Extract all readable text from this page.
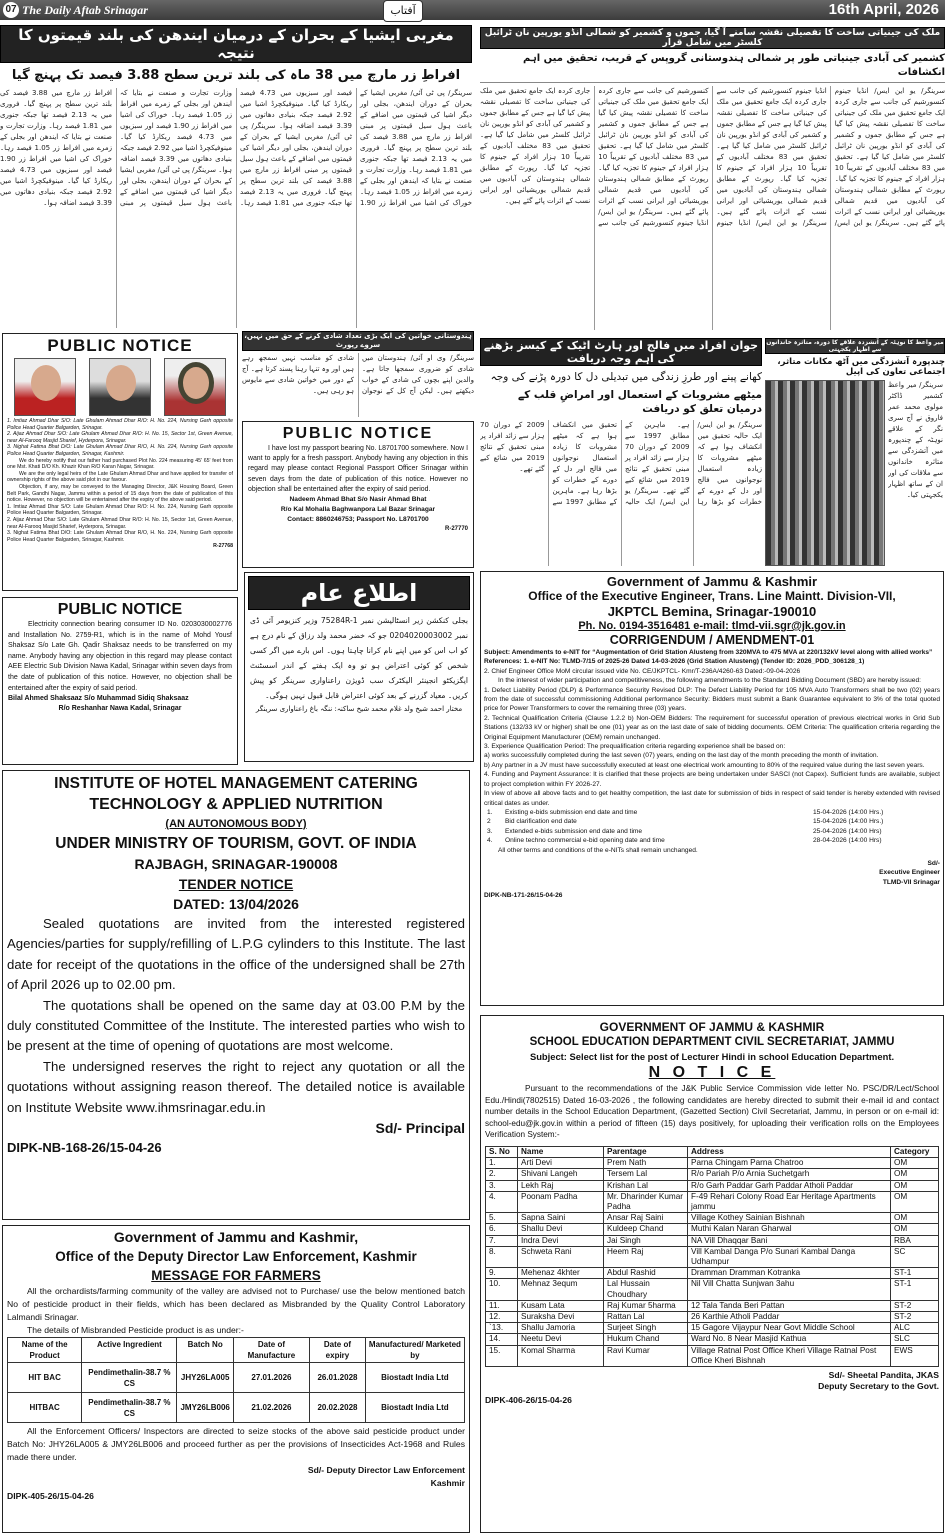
07 The Daily Aftab Srinagar	آفتاب	16th April, 2026
مغربی ایشیا کے بحران کے درمیان ایندھن کی بلند قیمتوں کا نتیجہ
افراطِ زر مارچ میں 38 ماہ کی بلند ترین سطح 3.88 فیصد تک پہنچ گیا
سرینگر/ پی ٹی آئی/ مغربی ایشیا کے بحران کے دوران ایندھن، بجلی اور دیگر اشیا کی قیمتوں میں اضافے کے باعث ہول سیل قیمتوں پر مبنی افراط زر مارچ میں 3.88 فیصد کی بلند ترین سطح پر پہنچ گیا۔ فروری میں یہ 2.13 فیصد تھا جبکہ جنوری میں 1.81 فیصد رہا۔ وزارت تجارت و صنعت نے بتایا کہ ایندھن اور بجلی کے زمرے میں افراط زر 1.05 فیصد رہا۔ خوراک کی اشیا میں افراط زر 1.90 فیصد اور سبزیوں میں 4.73 فیصد ریکارڈ کیا گیا۔ مینوفیکچرڈ اشیا میں 2.92 فیصد جبکہ بنیادی دھاتوں میں 3.39 فیصد اضافہ ہوا۔ سرینگر/ پی ٹی آئی/ مغربی ایشیا کے بحران کے دوران ایندھن، بجلی اور دیگر اشیا کی قیمتوں میں اضافے کے باعث ہول سیل قیمتوں پر مبنی افراط زر مارچ میں 3.88 فیصد کی بلند ترین سطح پر پہنچ گیا۔ فروری میں یہ 2.13 فیصد تھا جبکہ جنوری میں 1.81 فیصد رہا۔ وزارت تجارت و صنعت نے بتایا کہ ایندھن اور بجلی کے زمرے میں افراط زر 1.05 فیصد رہا۔ خوراک کی اشیا میں افراط زر 1.90 فیصد اور سبزیوں میں 4.73 فیصد ریکارڈ کیا گیا۔ مینوفیکچرڈ اشیا میں 2.92 فیصد جبکہ بنیادی دھاتوں میں 3.39 فیصد اضافہ ہوا۔ سرینگر/ پی ٹی آئی/ مغربی ایشیا کے بحران کے دوران ایندھن، بجلی اور دیگر اشیا کی قیمتوں میں اضافے کے باعث ہول سیل قیمتوں پر مبنی افراط زر مارچ میں 3.88 فیصد کی بلند ترین سطح پر پہنچ گیا۔ فروری میں یہ 2.13 فیصد تھا جبکہ جنوری میں 1.81 فیصد رہا۔ وزارت تجارت و صنعت نے بتایا کہ ایندھن اور بجلی کے زمرے میں افراط زر 1.05 فیصد رہا۔ خوراک کی اشیا میں افراط زر 1.90 فیصد اور سبزیوں میں 4.73 فیصد ریکارڈ کیا گیا۔ مینوفیکچرڈ اشیا میں 2.92 فیصد جبکہ بنیادی دھاتوں میں 3.39 فیصد اضافہ ہوا۔
ملک کی جینیاتی ساخت کا تفصیلی نقشہ سامنے آ گیا، جموں و کشمیر کو شمالی انڈو یورپین نان ٹرائبل کلسٹر میں شامل قرار
کشمیر کی آبادی جینیاتی طور پر شمالی ہندوستانی گروپس کے قریب، تحقیق میں اہم انکشافات
سرینگر/ یو این ایس/ انڈیا جینوم کنسورشیم کی جانب سے جاری کردہ ایک جامع تحقیق میں ملک کی جینیاتی ساخت کا تفصیلی نقشہ پیش کیا گیا ہے جس کے مطابق جموں و کشمیر کی آبادی کو انڈو یورپین نان ٹرائبل کلسٹر میں شامل کیا گیا ہے۔ تحقیق میں 83 مختلف آبادیوں کے تقریباً 10 ہزار افراد کے جینوم کا تجزیہ کیا گیا۔ رپورٹ کے مطابق شمالی ہندوستان کی آبادیوں میں قدیم شمالی یوریشیائی اور ایرانی نسب کے اثرات پائے گئے ہیں۔ سرینگر/ یو این ایس/ انڈیا جینوم کنسورشیم کی جانب سے جاری کردہ ایک جامع تحقیق میں ملک کی جینیاتی ساخت کا تفصیلی نقشہ پیش کیا گیا ہے جس کے مطابق جموں و کشمیر کی آبادی کو انڈو یورپین نان ٹرائبل کلسٹر میں شامل کیا گیا ہے۔ تحقیق میں 83 مختلف آبادیوں کے تقریباً 10 ہزار افراد کے جینوم کا تجزیہ کیا گیا۔ رپورٹ کے مطابق شمالی ہندوستان کی آبادیوں میں قدیم شمالی یوریشیائی اور ایرانی نسب کے اثرات پائے گئے ہیں۔ سرینگر/ یو این ایس/ انڈیا جینوم کنسورشیم کی جانب سے جاری کردہ ایک جامع تحقیق میں ملک کی جینیاتی ساخت کا تفصیلی نقشہ پیش کیا گیا ہے جس کے مطابق جموں و کشمیر کی آبادی کو انڈو یورپین نان ٹرائبل کلسٹر میں شامل کیا گیا ہے۔ تحقیق میں 83 مختلف آبادیوں کے تقریباً 10 ہزار افراد کے جینوم کا تجزیہ کیا گیا۔ رپورٹ کے مطابق شمالی ہندوستان کی آبادیوں میں قدیم شمالی یوریشیائی اور ایرانی نسب کے اثرات پائے گئے ہیں۔ سرینگر/ یو این ایس/ انڈیا جینوم کنسورشیم کی جانب سے جاری کردہ ایک جامع تحقیق میں ملک کی جینیاتی ساخت کا تفصیلی نقشہ پیش کیا گیا ہے جس کے مطابق جموں و کشمیر کی آبادی کو انڈو یورپین نان ٹرائبل کلسٹر میں شامل کیا گیا ہے۔ تحقیق میں 83 مختلف آبادیوں کے تقریباً 10 ہزار افراد کے جینوم کا تجزیہ کیا گیا۔ رپورٹ کے مطابق شمالی ہندوستان کی آبادیوں میں قدیم شمالی یوریشیائی اور ایرانی نسب کے اثرات پائے گئے ہیں۔
PUBLIC NOTICE
1. Imtiaz Ahmad Dhar S/O: Late Ghulam Ahmad Dhar R/O: H. No. 224, Nursing Garh opposite Police Head Quarter Balgarden, Srinagar.
2. Aijaz Ahmad Dhar S/O: Late Ghulam Ahmad Dhar R/O: H. No. 15, Sector 1st, Green Avenue, near Al-Farooq Masjid Sharief, Hyderpora, Srinagar.
3. Nighat Fatima Bhat D/O: Late Ghulam Ahmad Dhar R/O, H. No. 224, Nursing Garh opposite Police Head Quarter Balgarden, Srinagar, Kashmir.
We do hereby notify that our father had purchased Plot No. 224 measuring 45' 65' feet from one Mst. Khati D/O Kh. Khazir Khan R/O Karan Nagar, Srinagar.
We are the only legal heirs of the Late Ghulam Ahmad Dhar and have applied for transfer of ownership rights of the above said plot in our favour.
Objection, if any, may be conveyed to the Managing Director, J&K Housing Board, Green Belt Park, Gandhi Nagar, Jammu within a period of 15 days from the date of publication of this notice. However, no objection will be entertained after the expiry of the above said period.
1. Imtiaz Ahmad Dhar S/O: Late Ghulam Ahmad Dhar R/O: H. No. 224, Nursing Garh opposite Police Head Quarter Balgarden, Srinagar.
2. Aijaz Ahmad Dhar S/O: Late Ghulam Ahmad Dhar R/O: H. No. 15, Sector 1st, Green Avenue, near Al-Farooq Masjid Sharief, Hyderpora, Srinagar.
3. Nighat Fatima Bhat D/O: Late Ghulam Ahmad Dhar R/O, H. No. 224, Nursing Garh opposite Police Head Quarter Balgarden, Srinagar, Kashmir.
R-27768
PUBLIC NOTICE
Electricity connection bearing consumer ID No. 0203030002776 and Installation No. 2759-R1, which is in the name of Mohd Yousf Shaksaz S/o Late Gh. Qadir Shaksaz needs to be transferred on my name. Anybody having any objection in this regard may please contact AEE Electric Sub Division Nawa Kadal, Srinagar within seven days from the date of publication of this notice. However, no objection shall be entertained after the expiry of said period.
Bilal Ahmed Shaksaaz S/o Muhammad Sidiq Shaksaaz
R/o Reshanhar Nawa Kadal, Srinagar
ہندوستانی خواتین کی ایک بڑی تعداد شادی کرنے کے حق میں نہیں، سروے رپورٹ
سرینگر/ وی او آئی/ ہندوستان میں شادی کو ضروری سمجھا جاتا ہے۔ والدین اپنے بچوں کی شادی کے خواب دیکھتے ہیں۔ لیکن آج کل کے نوجوان شادی کو مناسب نہیں سمجھ رہے ہیں اور وہ تنہا رہنا پسند کرتا ہے۔ آج کے دور میں خواتین شادی سے مایوس ہو رہی ہیں۔
PUBLIC NOTICE
I have lost my passport bearing No. L8701700 somewhere. Now I want to apply for a fresh passport. Anybody having any objection in this regard may please contact Regional Passport Officer Srinagar within seven days from the date of publication of this notice. However no objection shall be entertained after the expiry of said period.
Nadeem Ahmad Bhat S/o Nasir Ahmad Bhat
R/o Kal Mohalla Baghwanpora Lal Bazar Srinagar
Contact: 8860246753; Passport No. L8701700
R-27770
اطلاع عام
بجلی کنکشن زیر انسٹالیشن نمبر 75284R-1 وزیر کنزیومر آئی ڈی نمبر 0204020003002 جو کہ خضر محمد ولد رزاق کے نام درج ہے کو اب اس کو میں اپنے نام کرانا چاہتا ہوں۔ اس بارے میں اگر کسی شخص کو کوئی اعتراض ہو تو وہ ایک ہفتے کے اندر اسسٹنٹ ایگزیکٹو انجینئر الیکٹرک سب ڈویژن راعناواری سرینگر کو پیش کریں۔ معیاد گزرنے کے بعد کوئی اعتراض قابل قبول نہیں ہوگی۔
مختار احمد شیخ ولد غلام محمد شیخ ساکنہ: ننگہ باغ راعناواری سرینگر
جوان افراد میں فالج اور ہارٹ اٹیک کے کیسز بڑھنے کی اہم وجہ دریافت
کھانے پینے اور طرزِ زندگی میں تبدیلی دل کا دورہ پڑنے کی وجہ
میٹھے مشروبات کے استعمال اور امراضِ قلب کے درمیان تعلق کو دریافت
سرینگر/ یو این ایس/ ایک حالیہ تحقیق میں انکشاف ہوا ہے کہ میٹھے مشروبات کا زیادہ استعمال نوجوانوں میں فالج اور دل کے دورے کے خطرات کو بڑھا رہا ہے۔ ماہرین کے مطابق 1997 سے 2009 کے دوران 70 ہزار سے زائد افراد پر مبنی تحقیق کے نتائج 2019 میں شائع کیے گئے تھے۔ سرینگر/ یو این ایس/ ایک حالیہ تحقیق میں انکشاف ہوا ہے کہ میٹھے مشروبات کا زیادہ استعمال نوجوانوں میں فالج اور دل کے دورے کے خطرات کو بڑھا رہا ہے۔ ماہرین کے مطابق 1997 سے 2009 کے دوران 70 ہزار سے زائد افراد پر مبنی تحقیق کے نتائج 2019 میں شائع کیے گئے تھے۔
میر واعظ کا نوہٹہ کے آتشزدہ علاقے کا دورہ، متاثرہ خاندانوں سے اظہار یکجہتی
چندپورہ آتشزدگی میں آٹھ مکانات متاثر، اجتماعی تعاون کی اپیل
سرینگر/ میر واعظ کشمیر ڈاکٹر مولوی محمد عمر فاروق نے آج سری نگر کے علاقے نوہٹہ کے چندپورہ میں آتشزدگی سے متاثرہ خاندانوں سے ملاقات کی اور ان کے ساتھ اظہار یکجہتی کیا۔
Government of Jammu & Kashmir
Office of the Executive Engineer, Trans. Line Maintt. Division-VII,
JKPTCL Bemina, Srinagar-190010
Ph. No. 0194-3516481 e-mail: tlmd-vii.sgr@jk.gov.in
CORRIGENDUM / AMENDMENT-01
Subject: Amendments to e-NIT for “Augmentation of Grid Station Alusteng from 320MVA to 475 MVA at 220/132kV level along with allied works”
References: 1. e-NIT No: TLMD-7/15 of 2025-26 Dated 14-03-2026 (Grid Station Alusteng) (Tender ID: 2026_PDD_306128_1)
2. Chief Engineer Office MoM circular issued vide No. CE/JKPTCL- Kmr/T-236A/4260-63 Dated:-09-04-2026
In the interest of wider participation and competitiveness, the following amendments to the Standard Bidding Document (SBD) are hereby issued:
1. Defect Liability Period (DLP) & Performance Security Revised DLP: The Defect Liability Period for 105 MVA Auto Transformers shall be two (02) years from the date of successful commissioning Additional performance Security: Bidders must submit a Bank Guarantee equivalent to 3% of the total quoted price for Power Transformers to cover the remaining three (03) years.
2. Technical Qualification Criteria (Clause 1.2.2 b) Non-OEM Bidders: The requirement for successful operation of previous electrical works in Grid Sub Stations (132/33 kV or higher) shall be one (01) year as on the last date of sale of bidding documents. OEM Criteria: The qualification criteria regarding the Original Equipment Manufacturer (OEM) remain unchanged.
3. Experience Qualification Period: The prequalification criteria regarding experience shall be based on:
a) works successfully completed during the last seven (07) years, ending on the last day of the month preceding the month of invitation.
b) Any partner in a JV must have successfully executed at least one electrical work amounting to 80% of the required value during the last seven years.
4. Funding and Payment Assurance: It is clarified that these projects are being undertaken under SASCI (not Capex). Sufficient funds are available, subject to project completion within FY 2026-27.
In view of above all above facts and to get healthy competition, the last date for submission of bids in respect of said tender is hereby extended with revised critical dates as under.
1.	Existing e-bids submission end date and time	15-04-2026 (14:00 Hrs.)
2	Bid clarification end date	15-04-2026 (14:00 Hrs.)
3.	Extended e-bids submission end date and time	25-04-2026 (14:00 Hrs)
4.	Online techno commercial e-bid opening date and time	28-04-2026 (14:00 Hrs)
All other terms and conditions of the e-NITs shall remain unchanged.
Sd/-
Executive Engineer
TLMD-VII Srinagar
DIPK-NB-171-26/15-04-26
INSTITUTE OF HOTEL MANAGEMENT CATERING
TECHNOLOGY & APPLIED NUTRITION
(AN AUTONOMOUS BODY)
UNDER MINISTRY OF TOURISM, GOVT. OF INDIA
RAJBAGH, SRINAGAR-190008
TENDER NOTICE
DATED: 13/04/2026
Sealed quotations are invited from the interested registered Agencies/parties for supply/refilling of L.P.G cylinders to this Institute. The last date for receipt of the quotations in the office of the undersigned shall be 27th of April 2026 up to 02.00 pm.
The quotations shall be opened on the same day at 03.00 P.M by the duly constituted Committee of the Institute. The interested parties who wish to be present at the time of opening of quotations are most welcome.
The undersigned reserves the right to reject any quotation or all the quotations without assigning reason thereof. The detailed notice is available on Institute Website www.ihmsrinagar.edu.in
Sd/- Principal
DIPK-NB-168-26/15-04-26
Government of Jammu and Kashmir,
Office of the Deputy Director Law Enforcement, Kashmir
MESSAGE FOR FARMERS
All the orchardists/farming community of the valley are advised not to Purchase/ use the below mentioned batch No of pesticide product in their fields, which has been declared as Misbranded by the Quality Control Laboratory Lalmandi Srinagar.
The details of Misbranded Pesticide product is as under:-
Name of the Product	Active Ingredient	Batch No	Date of Manufacture	Date of expiry	Manufactured/ Marketed by
HIT BAC	Pendimethalin-38.7 % CS	JHY26LA005	27.01.2026	26.01.2028	Biostadt India Ltd
HITBAC	Pendimethalin-38.7 % CS	JMY26LB006	21.02.2026	20.02.2028	Biostadt India Ltd
All the Enforcement Officers/ Inspectors are directed to seize stocks of the above said pesticide product under Batch No: JHY26LA005 & JMY26LB006 and proceed further as per the provisions of Insecticides Act-1968 and Rules made there under.
Sd/- Deputy Director Law Enforcement
Kashmir
DIPK-405-26/15-04-26
GOVERNMENT OF JAMMU & KASHMIR
SCHOOL EDUCATION DEPARTMENT CIVIL SECRETARIAT, JAMMU
Subject: Select list for the post of Lecturer Hindi in school Education Department.
N O T I C E
Pursuant to the recommendations of the J&K Public Service Commission vide letter No. PSC/DR/Lect/School Edu./Hindi(7802515) Dated 16-03-2026 , the following candidates are hereby directed to submit their e-mail id and contact number details in the School Education Department, (Gazetted Section) Civil Secretariat, Jammu, in person or on e-mail id: school-edu@jk.gov.in within a period of fifteen (15) days positively, for uploading their verification rolls on the Employees Verification System:-
S. No	Name	Parentage	Address	Category
1.	Arti Devi	Prem Nath	Parna Chingam Parna Chatroo	OM
2.	Shivani Langeh	Tersem Lal	R/o Pariah P/o Arnia Suchetgarh	OM
3.	Lekh Raj	Krishan Lal	R/o Garh Paddar Garh Paddar Atholi Paddar	OM
4.	Poonam Padha	Mr. Dharinder Kumar Padha	F-49 Rehari Colony Road Ear Heritage Apartments jammu	OM
5.	Sapna Saini	Ansar Raj Saini	Village Kothey Sainian Bishnah	OM
6.	Shallu Devi	Kuldeep Chand	Muthi Kalan Naran Gharwal	OM
7.	Indra Devi	Jai Singh	NA Vill Dhaqqar Bani	RBA
8.	Schweta Rani	Heem Raj	Vill Kambal Danga P/o Sunari Kambal Danga Udhampur	SC
9.	Mehenaz 4khter	Abdul Rashid	Dramman Dramman Kotranka	ST-1
10.	Mehnaz 3equm	Lal Hussain Choudhary	Nil Vill Chatta Sunjwan 3ahu	ST-1
11.	Kusam Lata	Raj Kumar 5harma	12 Tala Tanda Beri Pattan	ST-2
12.	Suraksha Devi	Rattan Lal	26 Karthie Atholi Paddar	ST-2
`13.	Shallu Jamoria	Surjeet Singh	15 Gagore Vijaypur Near Govt Middle School	ALC
14.	Neetu Devi	Hukum Chand	Ward No. 8 Near Masjid Kathua	SLC
15.	Komal Sharma	Ravi Kumar	Village Ratnal Post Office Kheri Village Ratnal Post Office Kheri Bishnah	EWS
Sd/- Sheetal Pandita, JKAS
Deputy Secretary to the Govt.
DIPK-406-26/15-04-26
